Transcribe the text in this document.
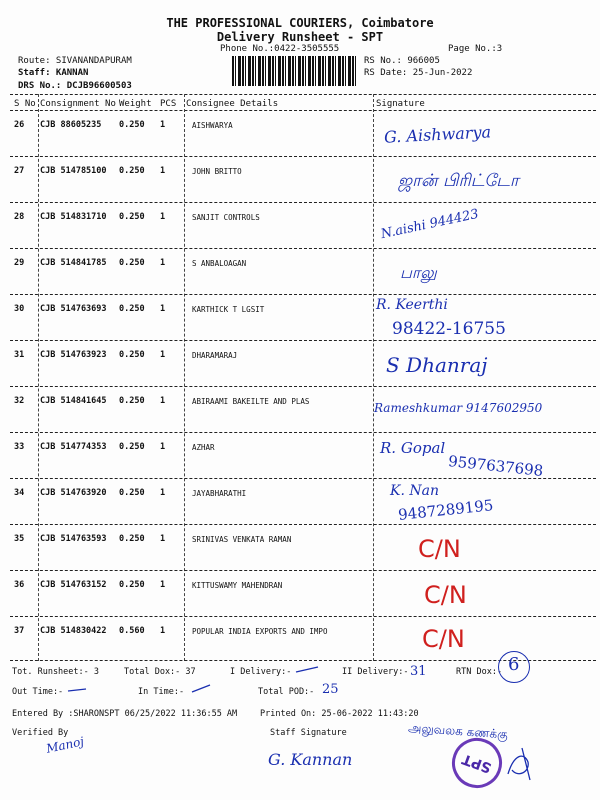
THE PROFESSIONAL COURIERS, Coimbatore
Delivery Runsheet - SPT
Phone No.:0422-3505555	Page No.:3
Route: SIVANANDAPURAM
Staff: KANNAN
DRS No.: DCJB96600503
RS No.: 966005
RS Date: 25-Jun-2022
S No Consignment No Weight PCS Consignee Details	Signature
26 CJB 88605235 0.250 1	AISHWARYA	G. Aishwarya
27 CJB 514785100 0.250 1	JOHN BRITTO	ஜான் பிரிட்டோ
28 CJB 514831710 0.250 1	SANJIT CONTROLS	N.aishi 944423
29 CJB 514841785 0.250 1	S ANBALOAGAN	பாலு
30 CJB 514763693 0.250 1	KARTHICK T LGSIT	R. Keerthi
98422-16755
31 CJB 514763923 0.250 1	DHARAMARAJ	S Dhanraj
32 CJB 514841645 0.250 1	ABIRAAMI BAKEILTE AND PLAS	Rameshkumar 9147602950
33 CJB 514774353 0.250 1	AZHAR	R. Gopal
9597637698
34 CJB 514763920 0.250 1	JAYABHARATHI	K. Nan
9487289195
35 CJB 514763593 0.250 1	SRINIVAS VENKATA RAMAN	C/N
36 CJB 514763152 0.250 1	KITTUSWAMY MAHENDRAN	C/N
37 CJB 514830422 0.560 1	POPULAR INDIA EXPORTS AND IMPO	C/N
Tot. Runsheet:- 3	Total Dox:- 37	I Delivery:-	II Delivery:- 31	RTN Dox:- 6
Out Time:-	In Time:-	Total POD:- 25
Entered By :SHARONSPT 06/25/2022 11:36:55 AM	Printed On: 25-06-2022 11:43:20
Verified By	Staff Signature
Manoj
G. Kannan
அலுவலக கணக்கு
SPT
